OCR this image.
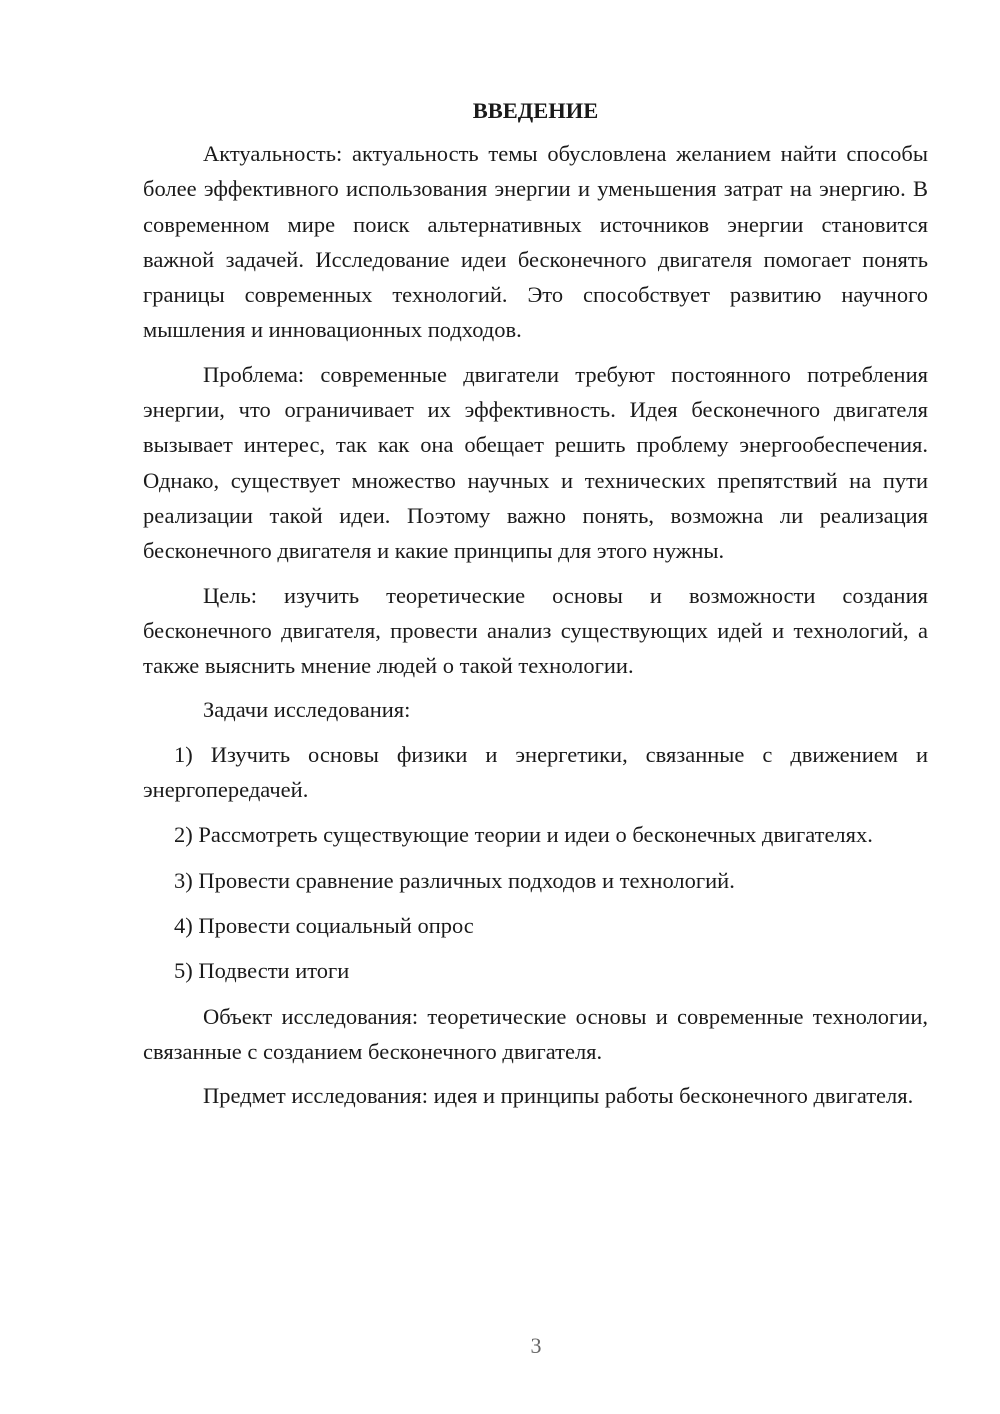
ВВЕДЕНИЕ

Актуальность: актуальность темы обусловлена желанием найти способы более эффективного использования энергии и уменьшения затрат на энергию. В современном мире поиск альтернативных источников энергии становится важной задачей. Исследование идеи бесконечного двигателя помогает понять границы современных технологий. Это способствует развитию научного мышления и инновационных подходов.

Проблема: современные двигатели требуют постоянного потребления энергии, что ограничивает их эффективность. Идея бесконечного двигателя вызывает интерес, так как она обещает решить проблему энергообеспечения. Однако, существует множество научных и технических препятствий на пути реализации такой идеи. Поэтому важно понять, возможна ли реализация бесконечного двигателя и какие принципы для этого нужны.

Цель: изучить теоретические основы и возможности создания бесконечного двигателя, провести анализ существующих идей и технологий, а также выяснить мнение людей о такой технологии.

Задачи исследования:

1) Изучить основы физики и энергетики, связанные с движением и энергопередачей.

2) Рассмотреть существующие теории и идеи о бесконечных двигателях.

3) Провести сравнение различных подходов и технологий.

4) Провести социальный опрос

5) Подвести итоги

Объект исследования: теоретические основы и современные технологии, связанные с созданием бесконечного двигателя.

Предмет исследования: идея и принципы работы бесконечного двигателя.

3
